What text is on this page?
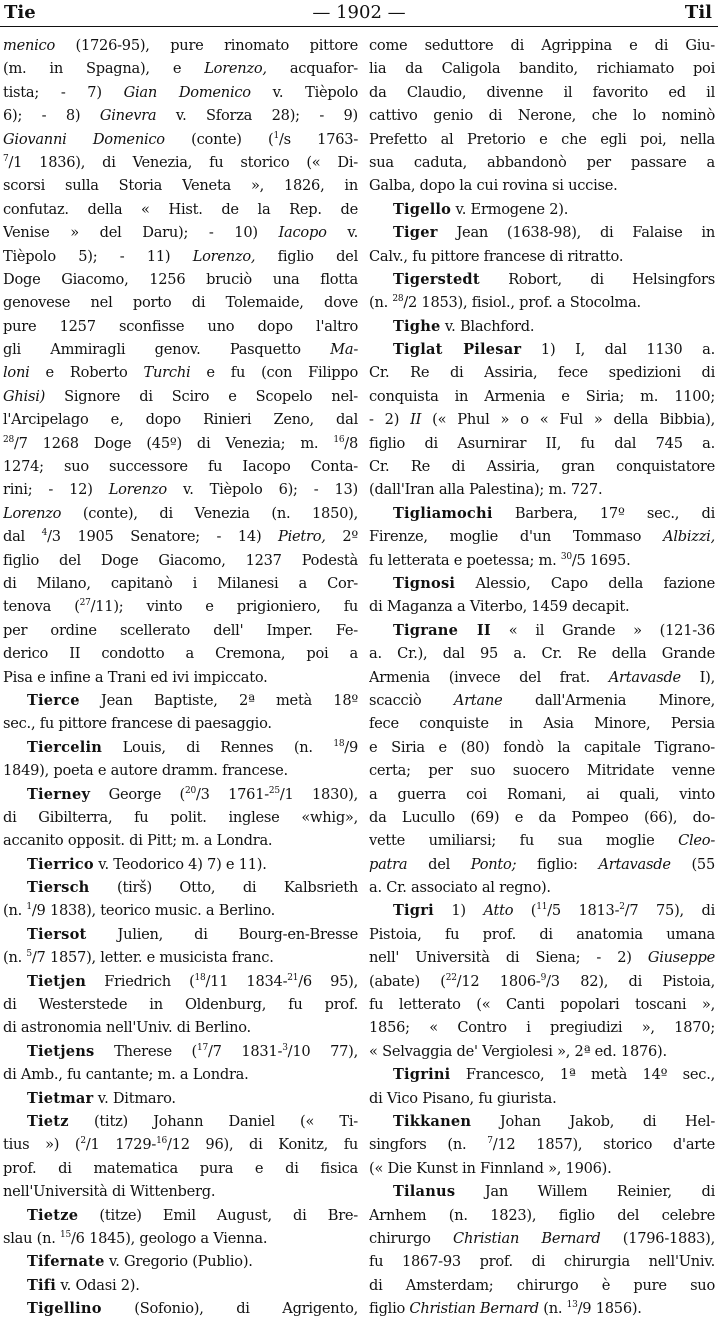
Tie	— 1902 —	Til
menico (1726-95), pure rinomato pittore
(m. in Spagna), e Lorenzo, acquafor-
tista; - 7) Gian Domenico v. Tièpolo
6); - 8) Ginevra v. Sforza 28); - 9)
Giovanni Domenico (conte) ($^1$/s 1763-
$^7$/1 1836), di Venezia, fu storico (« Di-
scorsi sulla Storia Veneta », 1826, in
confutaz. della « Hist. de la Rep. de
Venise » del Daru); - 10) Iacopo v.
Tièpolo 5); - 11) Lorenzo, figlio del
Doge Giacomo, 1256 bruciò una flotta
genovese nel porto di Tolemaide, dove
pure 1257 sconfisse uno dopo l'altro
gli Ammiragli genov. Pasquetto Ma-
loni e Roberto Turchi e fu (con Filippo
Ghisi) Signore di Sciro e Scopelo nel-
l'Arcipelago e, dopo Rinieri Zeno, dal
$^{28}$/7 1268 Doge (45º) di Venezia; m. $^{16}$/8
1274; suo successore fu Iacopo Conta-
rini; - 12) Lorenzo v. Tièpolo 6); - 13)
Lorenzo (conte), di Venezia (n. 1850),
dal $^4$/3 1905 Senatore; - 14) Pietro, 2º
figlio del Doge Giacomo, 1237 Podestà
di Milano, capitanò i Milanesi a Cor-
tenova ($^{27}$/11); vinto e prigioniero, fu
per ordine scellerato dell' Imper. Fe-
derico II condotto a Cremona, poi a
Pisa e infine a Trani ed ivi impiccato.
Tierce Jean Baptiste, 2ª metà 18º
sec., fu pittore francese di paesaggio.
Tiercelin Louis, di Rennes (n. $^{18}$/9
1849), poeta e autore dramm. francese.
Tierney George ($^{20}$/3 1761-$^{25}$/1 1830),
di Gibilterra, fu polit. inglese «whig»,
accanito opposit. di Pitt; m. a Londra.
Tierrico v. Teodorico 4) 7) e 11).
Tiersch (tirš) Otto, di Kalbsrieth
(n. $^1$/9 1838), teorico music. a Berlino.
Tiersot Julien, di Bourg-en-Bresse
(n. $^5$/7 1857), letter. e musicista franc.
Tietjen Friedrich ($^{18}$/11 1834-$^{21}$/6 95),
di Westerstede in Oldenburg, fu prof.
di astronomia nell'Univ. di Berlino.
Tietjens Therese ($^{17}$/7 1831-$^3$/10 77),
di Amb., fu cantante; m. a Londra.
Tietmar v. Ditmaro.
Tietz (titz) Johann Daniel (« Ti-
tius ») ($^2$/1 1729-$^{16}$/12 96), di Konitz, fu
prof. di matematica pura e di fisica
nell'Università di Wittenberg.
Tietze (titze) Emil August, di Bre-
slau (n. $^{15}$/6 1845), geologo a Vienna.
Tifernate v. Gregorio (Publio).
Tifi v. Odasi 2).
Tigellino (Sofonio), di Agrigento,
come seduttore di Agrippina e di Giu-
lia da Caligola bandito, richiamato poi
da Claudio, divenne il favorito ed il
cattivo genio di Nerone, che lo nominò
Prefetto al Pretorio e che egli poi, nella
sua caduta, abbandonò per passare a
Galba, dopo la cui rovina si uccise.
Tigello v. Ermogene 2).
Tiger Jean (1638-98), di Falaise in
Calv., fu pittore francese di ritratto.
Tigerstedt Robort, di Helsingfors
(n. $^{28}$/2 1853), fisiol., prof. a Stocolma.
Tighe v. Blachford.
Tiglat Pilesar 1) I, dal 1130 a.
Cr. Re di Assiria, fece spedizioni di
conquista in Armenia e Siria; m. 1100;
- 2) II (« Phul » o « Ful » della Bibbia),
figlio di Asurnirar II, fu dal 745 a.
Cr. Re di Assiria, gran conquistatore
(dall'Iran alla Palestina); m. 727.
Tigliamochi Barbera, 17º sec., di
Firenze, moglie d'un Tommaso Albizzi,
fu letterata e poetessa; m. $^{30}$/5 1695.
Tignosi Alessio, Capo della fazione
di Maganza a Viterbo, 1459 decapit.
Tigrane II « il Grande » (121-36
a. Cr.), dal 95 a. Cr. Re della Grande
Armenia (invece del frat. Artavasde I),
scacciò Artane dall'Armenia Minore,
fece conquiste in Asia Minore, Persia
e Siria e (80) fondò la capitale Tigrano-
certa; per suo suocero Mitridate venne
a guerra coi Romani, ai quali, vinto
da Lucullo (69) e da Pompeo (66), do-
vette umiliarsi; fu sua moglie Cleo-
patra del Ponto; figlio: Artavasde (55
a. Cr. associato al regno).
Tigri 1) Atto ($^{11}$/5 1813-$^2$/7 75), di
Pistoia, fu prof. di anatomia umana
nell' Università di Siena; - 2) Giuseppe
(abate) ($^{22}$/12 1806-$^9$/3 82), di Pistoia,
fu letterato (« Canti popolari toscani »,
1856; « Contro i pregiudizi », 1870;
« Selvaggia de' Vergiolesi », 2ª ed. 1876).
Tigrini Francesco, 1ª metà 14º sec.,
di Vico Pisano, fu giurista.
Tikkanen Johan Jakob, di Hel-
singfors (n. $^7$/12 1857), storico d'arte
(« Die Kunst in Finnland », 1906).
Tilanus Jan Willem Reinier, di
Arnhem (n. 1823), figlio del celebre
chirurgo Christian Bernard (1796-1883),
fu 1867-93 prof. di chirurgia nell'Univ.
di Amsterdam; chirurgo è pure suo
figlio Christian Bernard (n. $^{13}$/9 1856).
